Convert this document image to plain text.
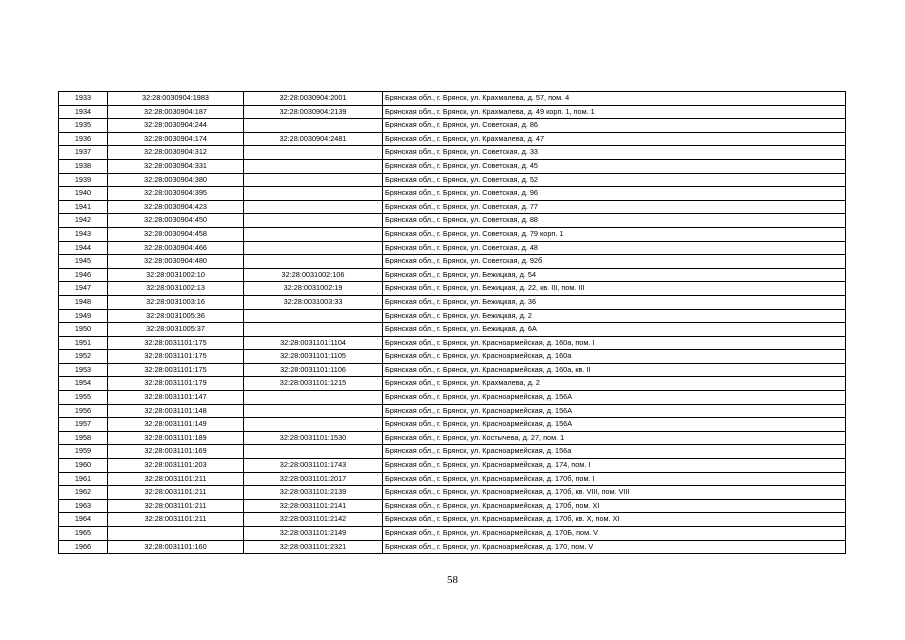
1933	32:28:0030904:1983	32:28:0030904:2001	Брянская обл., г. Брянск, ул. Крахмалева, д. 57, пом. 4
1934	32:28:0030904:187	32:28:0030904:2139	Брянская обл., г. Брянск, ул. Крахмалева, д. 49 корп. 1, пом. 1
1935	32:28:0030904:244		Брянская обл., г. Брянск, ул. Советская, д. 86
1936	32:28:0030904:174	32:28:0030904:2481	Брянская обл., г. Брянск, ул. Крахмалева, д. 47
1937	32:28:0030904:312		Брянская обл., г. Брянск, ул. Советская, д. 33
1938	32:28:0030904:331		Брянская обл., г. Брянск, ул. Советская, д. 45
1939	32:28:0030904:380		Брянская обл., г. Брянск, ул. Советская, д. 52
1940	32:28:0030904:395		Брянская обл., г. Брянск, ул. Советская, д. 96
1941	32:28:0030904:423		Брянская обл., г. Брянск, ул. Советская, д. 77
1942	32:28:0030904:450		Брянская обл., г. Брянск, ул. Советская, д. 88
1943	32:28:0030904:458		Брянская обл., г. Брянск, ул. Советская, д. 79 корп. 1
1944	32:28:0030904:466		Брянская обл., г. Брянск, ул. Советская, д. 48
1945	32:28:0030904:480		Брянская обл., г. Брянск, ул. Советская, д. 92б
1946	32:28:0031002:10	32:28:0031002:106	Брянская обл., г. Брянск, ул. Бежицкая, д. 54
1947	32:28:0031002:13	32:28:0031002:19	Брянская обл., г. Брянск, ул. Бежицкая, д. 22, кв. III, пом. III
1948	32:28:0031003:16	32:28:0031003:33	Брянская обл., г. Брянск, ул. Бежицкая, д. 36
1949	32:28:0031005:36		Брянская обл., г. Брянск, ул. Бежицкая, д. 2
1950	32:28:0031005:37		Брянская обл., г. Брянск, ул. Бежицкая, д. 6А
1951	32:28:0031101:175	32:28:0031101:1104	Брянская обл., г. Брянск, ул. Красноармейская, д. 160а, пом. I
1952	32:28:0031101:175	32:28:0031101:1105	Брянская обл., г. Брянск, ул. Красноармейская, д. 160а
1953	32:28:0031101:175	32:28:0031101:1106	Брянская обл., г. Брянск, ул. Красноармейская, д. 160а, кв. II
1954	32:28:0031101:179	32:28:0031101:1215	Брянская обл., г. Брянск, ул. Крахмалева, д. 2
1955	32:28:0031101:147		Брянская обл., г. Брянск, ул. Красноармейская, д. 156А
1956	32:28:0031101:148		Брянская обл., г. Брянск, ул. Красноармейская, д. 156А
1957	32:28:0031101:149		Брянская обл., г. Брянск, ул. Красноармейская, д. 156А
1958	32:28:0031101:189	32:28:0031101:1530	Брянская обл., г. Брянск, ул. Костычева, д. 27, пом. 1
1959	32:28:0031101:169		Брянская обл., г. Брянск, ул. Красноармейская, д. 156а
1960	32:28:0031101:203	32:28:0031101:1743	Брянская обл., г. Брянск, ул. Красноармейская, д. 174, пом. I
1961	32:28:0031101:211	32:28:0031101:2017	Брянская обл., г. Брянск, ул. Красноармейская, д. 170б, пом. I
1962	32:28:0031101:211	32:28:0031101:2139	Брянская обл., г. Брянск, ул. Красноармейская, д. 170б, кв. VIII, пом. VIII
1963	32:28:0031101:211	32:28:0031101:2141	Брянская обл., г. Брянск, ул. Красноармейская, д. 170б, пом. XI
1964	32:28:0031101:211	32:28:0031101:2142	Брянская обл., г. Брянск, ул. Красноармейская, д. 170б, кв. X, пом. XI
1965		32:28:0031101:2149	Брянская обл., г. Брянск, ул. Красноармейская, д. 170Б, пом. V
1966	32:28:0031101:160	32:28:0031101:2321	Брянская обл., г. Брянск, ул. Красноармейская, д. 170, пом. V
58
